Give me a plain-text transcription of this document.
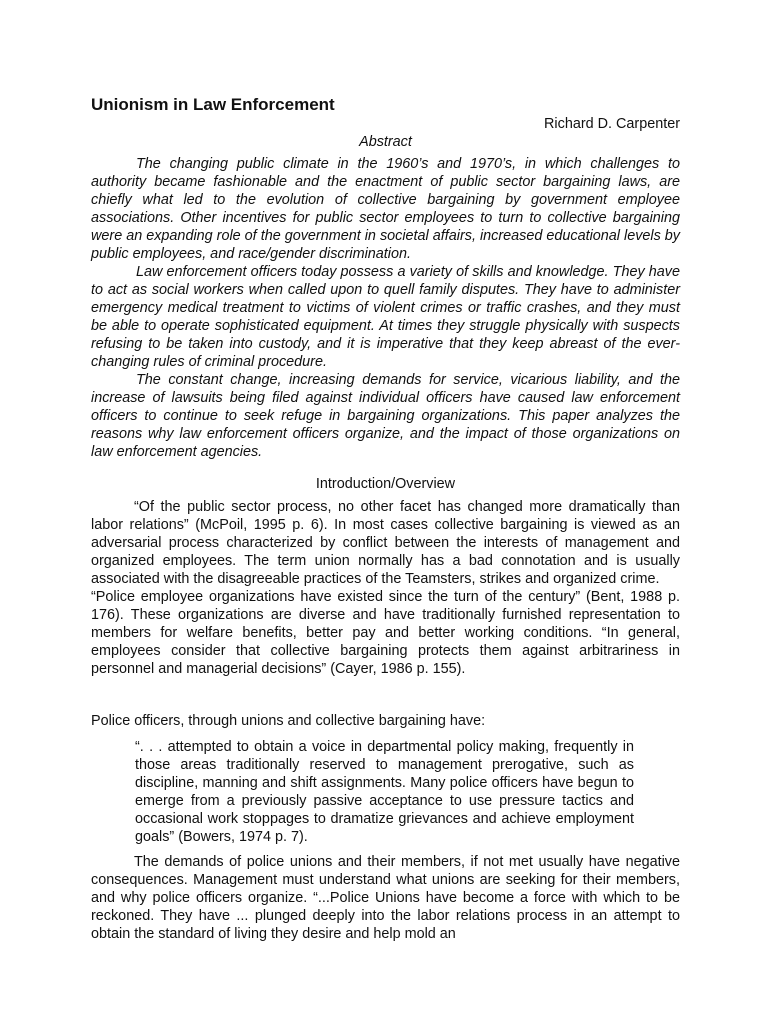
Unionism in Law Enforcement
Richard D. Carpenter
Abstract

The changing public climate in the 1960’s and 1970’s, in which challenges to authority became fashionable and the enactment of public sector bargaining laws, are chiefly what led to the evolution of collective bargaining by government employee associations. Other incentives for public sector employees to turn to collective bargaining were an expanding role of the government in societal affairs, increased educational levels by public employees, and race/gender discrimination.

Law enforcement officers today possess a variety of skills and knowledge. They have to act as social workers when called upon to quell family disputes. They have to administer emergency medical treatment to victims of violent crimes or traffic crashes, and they must be able to operate sophisticated equipment. At times they struggle physically with suspects refusing to be taken into custody, and it is imperative that they keep abreast of the ever-changing rules of criminal procedure.

The constant change, increasing demands for service, vicarious liability, and the increase of lawsuits being filed against individual officers have caused law enforcement officers to continue to seek refuge in bargaining organizations. This paper analyzes the reasons why law enforcement officers organize, and the impact of those organizations on law enforcement agencies.

Introduction/Overview

“Of the public sector process, no other facet has changed more dramatically than labor relations” (McPoil, 1995 p. 6). In most cases collective bargaining is viewed as an adversarial process characterized by conflict between the interests of management and organized employees. The term union normally has a bad connotation and is usually associated with the disagreeable practices of the Teamsters, strikes and organized crime.

“Police employee organizations have existed since the turn of the century” (Bent, 1988 p. 176). These organizations are diverse and have traditionally furnished representation to members for welfare benefits, better pay and better working conditions. “In general, employees consider that collective bargaining protects them against arbitrariness in personnel and managerial decisions” (Cayer, 1986 p. 155).

Police officers, through unions and collective bargaining have:
“. . . attempted to obtain a voice in departmental policy making, frequently in those areas traditionally reserved to management prerogative, such as discipline, manning and shift assignments. Many police officers have begun to emerge from a previously passive acceptance to use pressure tactics and occasional work stoppages to dramatize grievances and achieve employment goals” (Bowers, 1974 p. 7).

The demands of police unions and their members, if not met usually have negative consequences. Management must understand what unions are seeking for their members, and why police officers organize. “...Police Unions have become a force with which to be reckoned. They have ... plunged deeply into the labor relations process in an attempt to obtain the standard of living they desire and help mold an
